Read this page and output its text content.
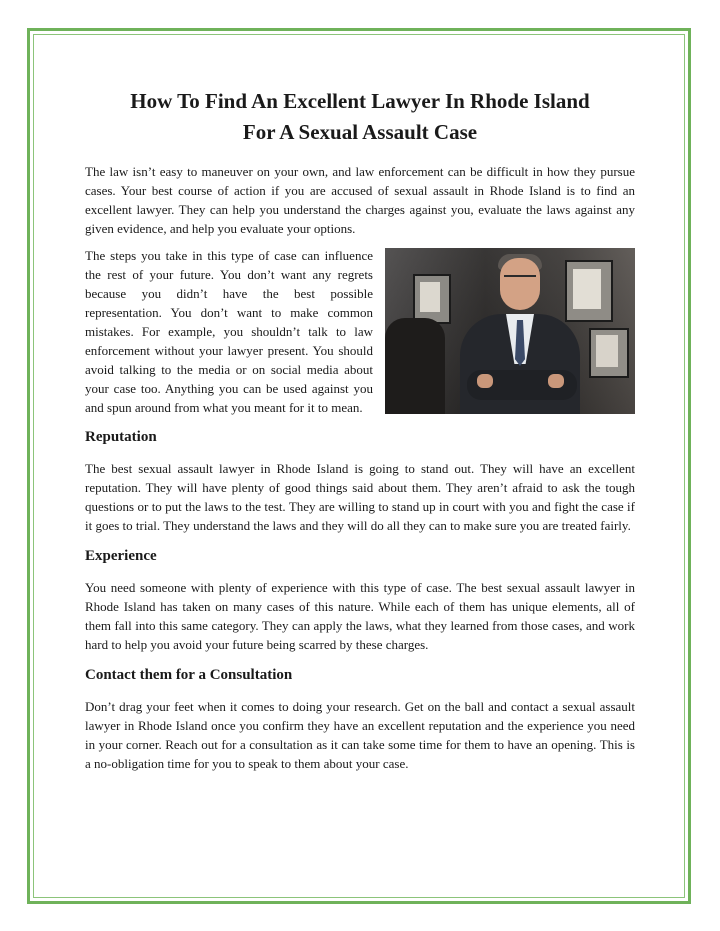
How To Find An Excellent Lawyer In Rhode Island
For A Sexual Assault Case

The law isn’t easy to maneuver on your own, and law enforcement can be difficult in how they pursue cases. Your best course of action if you are accused of sexual assault in Rhode Island is to find an excellent lawyer. They can help you understand the charges against you, evaluate the laws against any given evidence, and help you evaluate your options.

The steps you take in this type of case can influence the rest of your future. You don’t want any regrets because you didn’t have the best possible representation. You don’t want to make common mistakes. For example, you shouldn’t talk to law enforcement without your lawyer present. You should avoid talking to the media or on social media about your case too. Anything you can be used against you and spun around from what you meant for it to mean.

Reputation

The best sexual assault lawyer in Rhode Island is going to stand out. They will have an excellent reputation. They will have plenty of good things said about them. They aren’t afraid to ask the tough questions or to put the laws to the test. They are willing to stand up in court with you and fight the case if it goes to trial. They understand the laws and they will do all they can to make sure you are treated fairly.

Experience

You need someone with plenty of experience with this type of case. The best sexual assault lawyer in Rhode Island has taken on many cases of this nature. While each of them has unique elements, all of them fall into this same category. They can apply the laws, what they learned from those cases, and work hard to help you avoid your future being scarred by these charges.

Contact them for a Consultation

Don’t drag your feet when it comes to doing your research. Get on the ball and contact a sexual assault lawyer in Rhode Island once you confirm they have an excellent reputation and the experience you need in your corner. Reach out for a consultation as it can take some time for them to have an opening. This is a no-obligation time for you to speak to them about your case.
